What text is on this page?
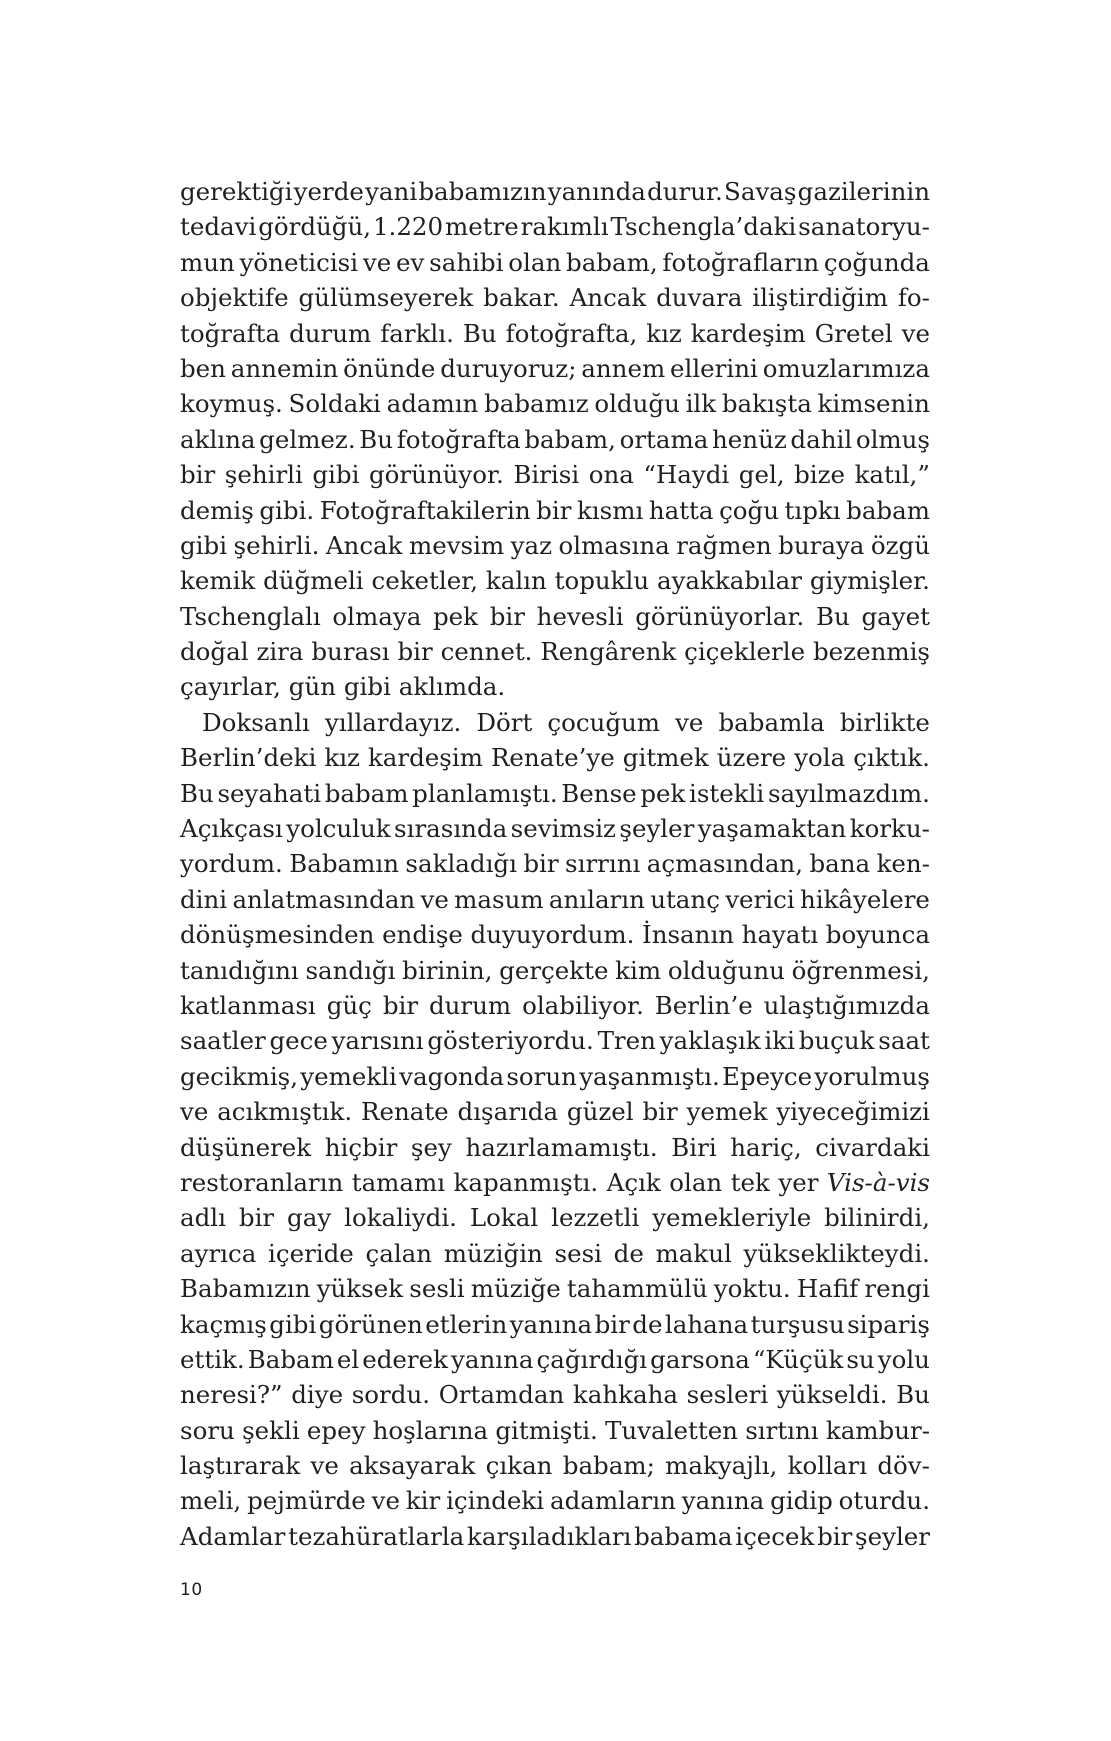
gerektiği yerde yani babamızın yanında durur. Savaş gazilerinin
tedavi gördüğü, 1.220 metre rakımlı Tschengla’daki sanatoryu-
mun yöneticisi ve ev sahibi olan babam, fotoğrafların çoğunda
objektife gülümseyerek bakar. Ancak duvara iliştirdiğim fo-
toğrafta durum farklı. Bu fotoğrafta, kız kardeşim Gretel ve
ben annemin önünde duruyoruz; annem ellerini omuzlarımıza
koymuş. Soldaki adamın babamız olduğu ilk bakışta kimsenin
aklına gelmez. Bu fotoğrafta babam, ortama henüz dahil olmuş
bir şehirli gibi görünüyor. Birisi ona “Haydi gel, bize katıl,”
demiş gibi. Fotoğraftakilerin bir kısmı hatta çoğu tıpkı babam
gibi şehirli. Ancak mevsim yaz olmasına rağmen buraya özgü
kemik düğmeli ceketler, kalın topuklu ayakkabılar giymişler.
Tschenglalı olmaya pek bir hevesli görünüyorlar. Bu gayet
doğal zira burası bir cennet. Rengârenk çiçeklerle bezenmiş
çayırlar, gün gibi aklımda.
Doksanlı yıllardayız. Dört çocuğum ve babamla birlikte
Berlin’deki kız kardeşim Renate’ye gitmek üzere yola çıktık.
Bu seyahati babam planlamıştı. Bense pek istekli sayılmazdım.
Açıkçası yolculuk sırasında sevimsiz şeyler yaşamaktan korku-
yordum. Babamın sakladığı bir sırrını açmasından, bana ken-
dini anlatmasından ve masum anıların utanç verici hikâyelere
dönüşmesinden endişe duyuyordum. İnsanın hayatı boyunca
tanıdığını sandığı birinin, gerçekte kim olduğunu öğrenmesi,
katlanması güç bir durum olabiliyor. Berlin’e ulaştığımızda
saatler gece yarısını gösteriyordu. Tren yaklaşık iki buçuk saat
gecikmiş, yemekli vagonda sorun yaşanmıştı. Epeyce yorulmuş
ve acıkmıştık. Renate dışarıda güzel bir yemek yiyeceğimizi
düşünerek hiçbir şey hazırlamamıştı. Biri hariç, civardaki
restoranların tamamı kapanmıştı. Açık olan tek yer Vis-à-vis
adlı bir gay lokaliydi. Lokal lezzetli yemekleriyle bilinirdi,
ayrıca içeride çalan müziğin sesi de makul yükseklikteydi.
Babamızın yüksek sesli müziğe tahammülü yoktu. Hafif rengi
kaçmış gibi görünen etlerin yanına bir de lahana turşusu sipariş
ettik. Babam el ederek yanına çağırdığı garsona “Küçük su yolu
neresi?” diye sordu. Ortamdan kahkaha sesleri yükseldi. Bu
soru şekli epey hoşlarına gitmişti. Tuvaletten sırtını kambur-
laştırarak ve aksayarak çıkan babam; makyajlı, kolları döv-
meli, pejmürde ve kir içindeki adamların yanına gidip oturdu.
Adamlar tezahüratlarla karşıladıkları babama içecek bir şeyler
10
